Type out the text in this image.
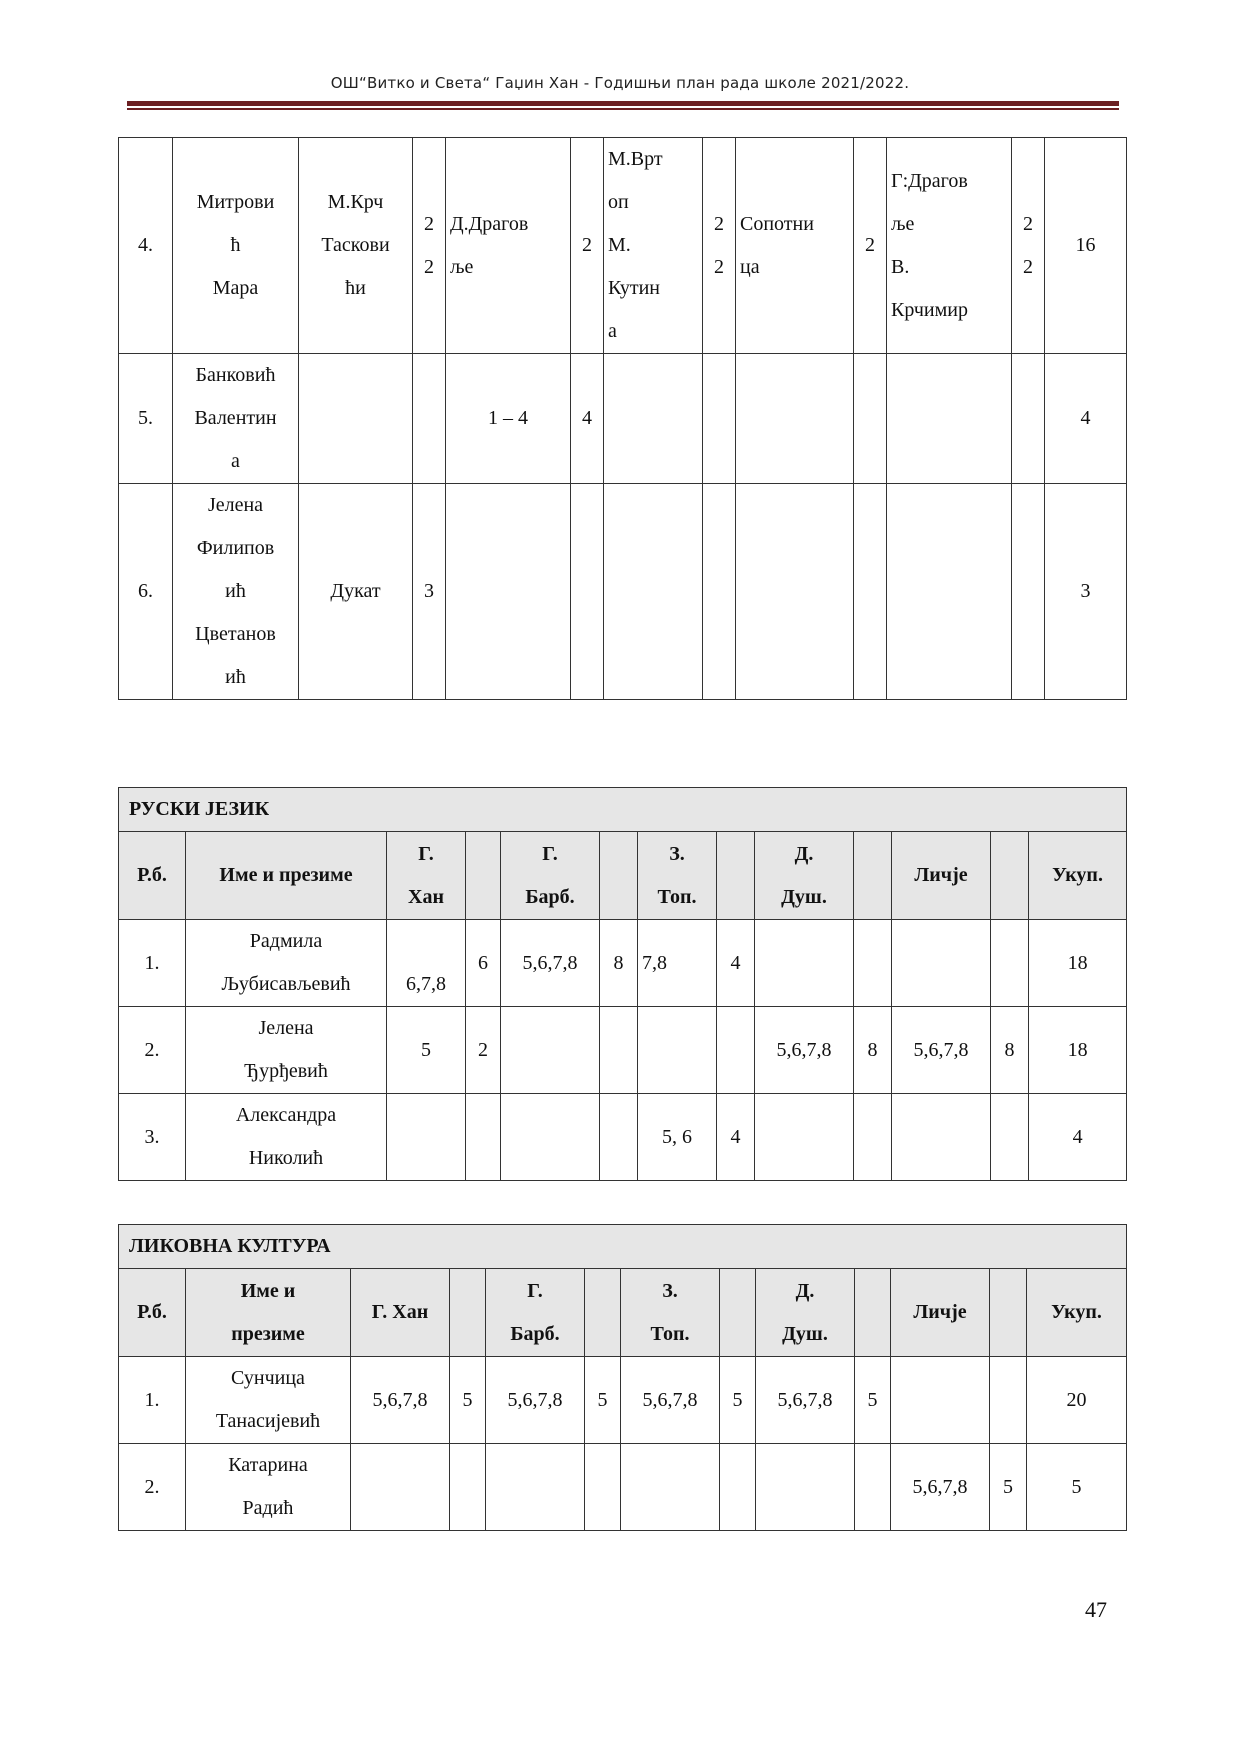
ОШ“Витко и Света“ Гаџин Хан - Годишњи план рада школе 2021/2022.
4.	Митрови
ћ
Мара	М.Крч
Таскови
ћи	2
2	Д.Драгов
ље	2	М.Врт
оп
М.
Кутин
а	2
2	Сопотни
ца	2	Г:Драгов
ље
В.
Крчимир	2
2	16
5.	Банковић
Валентин
а			1 – 4	4							4
6.	Јелена
Филипов
ић
Цветанов
ић	Дукат	3									3
РУСКИ ЈЕЗИК												
Р.б.	Име и презиме	Г.
Хан		Г.
Барб.		З.
Топ.		Д.
Душ.		Личје		Укуп.
1.	Радмила
Љубисављевић	6,7,8	6	5,6,7,8	8	7,8	4					18
2.	Јелена
Ђурђевић	5	2					5,6,7,8	8	5,6,7,8	8	18
3.	Александра
Николић					5, 6	4					4
ЛИКОВНА КУЛТУРА												
Р.б.	Име и
презиме	Г. Хан		Г.
Барб.		З.
Топ.		Д.
Душ.		Личје		Укуп.
1.	Сунчица
Танасијевић	5,6,7,8	5	5,6,7,8	5	5,6,7,8	5	5,6,7,8	5			20
2.	Катарина
Радић									5,6,7,8	5	5
47
